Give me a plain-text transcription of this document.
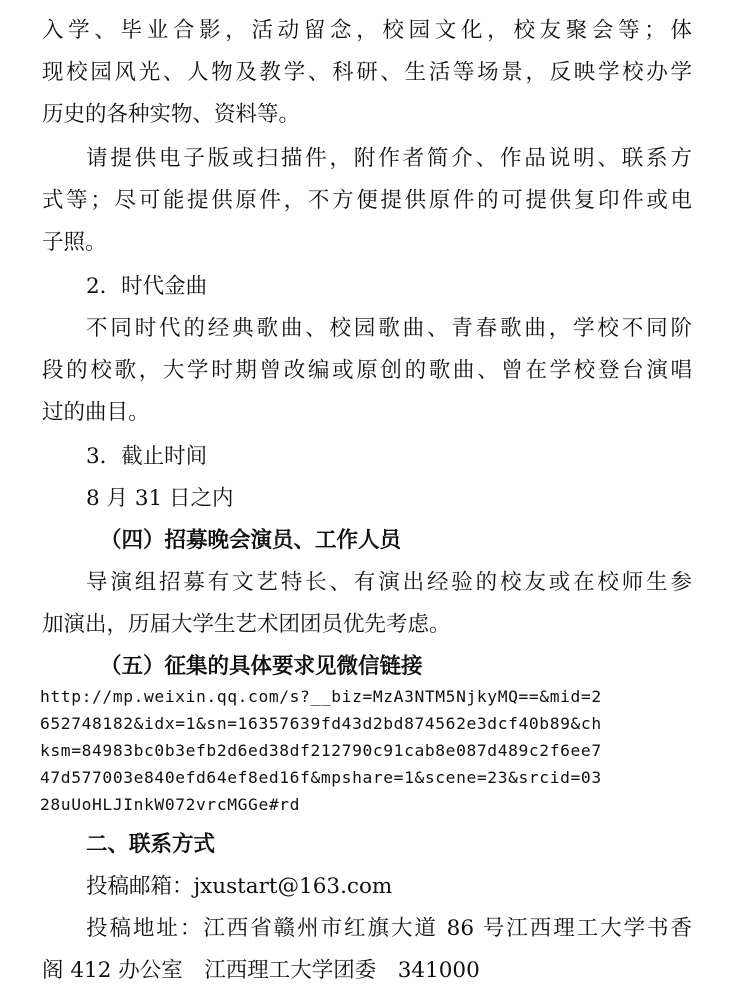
入学、毕业合影，活动留念，校园文化，校友聚会等；体
现校园风光、人物及教学、科研、生活等场景，反映学校办学
历史的各种实物、资料等。
请提供电子版或扫描件，附作者简介、作品说明、联系方
式等；尽可能提供原件，不方便提供原件的可提供复印件或电
子照。
2．时代金曲
不同时代的经典歌曲、校园歌曲、青春歌曲，学校不同阶
段的校歌，大学时期曾改编或原创的歌曲、曾在学校登台演唱
过的曲目。
3．截止时间
8 月 31 日之内
（四）招募晚会演员、工作人员
导演组招募有文艺特长、有演出经验的校友或在校师生参
加演出，历届大学生艺术团团员优先考虑。
（五）征集的具体要求见微信链接
http://mp.weixin.qq.com/s?__biz=MzA3NTM5NjkyMQ==&mid=2
652748182&idx=1&sn=16357639fd43d2bd874562e3dcf40b89&ch
ksm=84983bc0b3efb2d6ed38df212790c91cab8e087d489c2f6ee7
47d577003e840efd64ef8ed16f&mpshare=1&scene=23&srcid=03
28uUoHLJInkW072vrcMGGe#rd
二、联系方式
投稿邮箱：jxustart@163.com
投稿地址：江西省赣州市红旗大道 86 号江西理工大学书香
阁 412 办公室　江西理工大学团委　341000
